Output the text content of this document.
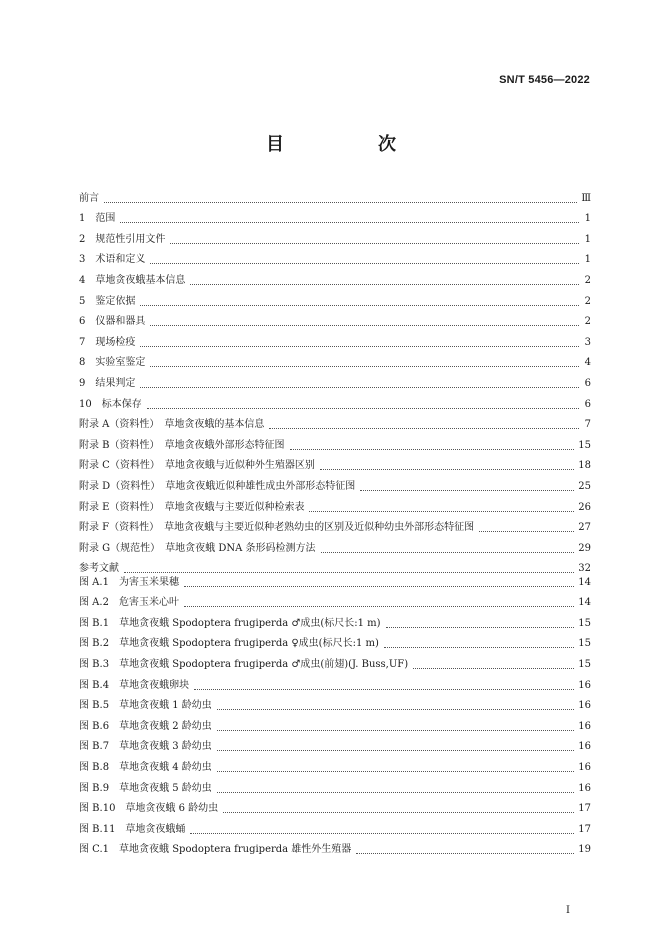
SN/T 5456—2022
目　次
前言	Ⅲ
1　范围	1
2　规范性引用文件	1
3　术语和定义	1
4　草地贪夜蛾基本信息	2
5　鉴定依据	2
6　仪器和器具	2
7　现场检疫	3
8　实验室鉴定	4
9　结果判定	6
10　标本保存	6
附录 A（资料性）　草地贪夜蛾的基本信息	7
附录 B（资料性）　草地贪夜蛾外部形态特征图	15
附录 C（资料性）　草地贪夜蛾与近似种外生殖器区别	18
附录 D（资料性）　草地贪夜蛾近似种雄性成虫外部形态特征图	25
附录 E（资料性）　草地贪夜蛾与主要近似种检索表	26
附录 F（资料性）　草地贪夜蛾与主要近似种老熟幼虫的区别及近似种幼虫外部形态特征图	27
附录 G（规范性）　草地贪夜蛾 DNA 条形码检测方法	29
参考文献	32
图 A.1　为害玉米果穗	14
图 A.2　危害玉米心叶	14
图 B.1　草地贪夜蛾 Spodoptera frugiperda ♂成虫(标尺长:1 m)	15
图 B.2　草地贪夜蛾 Spodoptera frugiperda ♀成虫(标尺长:1 m)	15
图 B.3　草地贪夜蛾 Spodoptera frugiperda ♂成虫(前翅)(J. Buss,UF)	15
图 B.4　草地贪夜蛾卵块	16
图 B.5　草地贪夜蛾 1 龄幼虫	16
图 B.6　草地贪夜蛾 2 龄幼虫	16
图 B.7　草地贪夜蛾 3 龄幼虫	16
图 B.8　草地贪夜蛾 4 龄幼虫	16
图 B.9　草地贪夜蛾 5 龄幼虫	16
图 B.10　草地贪夜蛾 6 龄幼虫	17
图 B.11　草地贪夜蛾蛹	17
图 C.1　草地贪夜蛾 Spodoptera frugiperda 雄性外生殖器	19
I
